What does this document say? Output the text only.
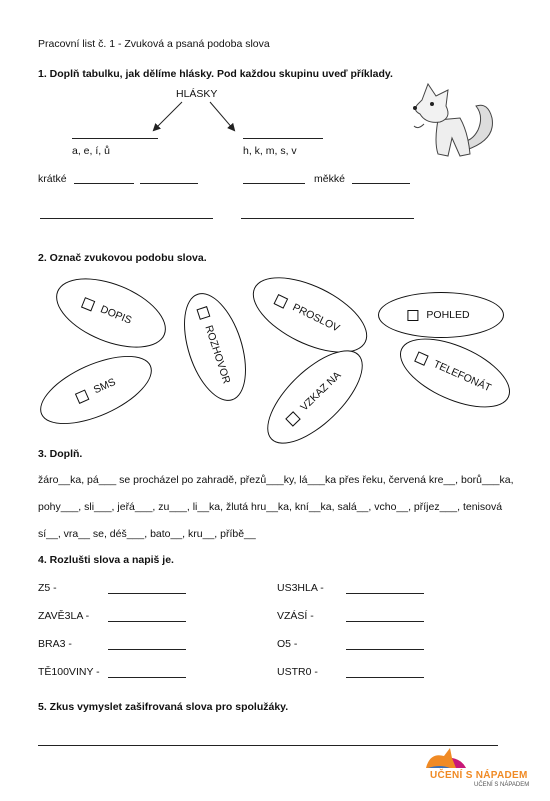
Pracovní list č. 1 - Zvuková a psaná podoba slova
1. Doplň tabulku, jak dělíme hlásky. Pod každou skupinu uveď příklady.
HLÁSKY
a, e, í, ů	h, k, m, s, v
krátké	měkké
2. Označ zvukovou podobu slova.
DOPIS
ROZHOVOR
PROSLOV	POHLED
SMS	VZKAZ NA	TELEFONÁT
3. Doplň.
žáro__ka, pá___ se procházel po zahradě, přezů___ky, lá___ka přes řeku, červená kre__, borů___ka,
pohy___, sli___, jeřá___, zu___, li__ka, žlutá hru__ka, kní__ka, salá__, vcho__, příjez___, tenisová
sí__, vra__ se, déš___, bato__, kru__, příbě__
4. Rozlušti slova a napiš je.
Z5 -	US3HLA -
ZAVĚ3LA -	VZÁSÍ -
BRA3 -	O5 -
TĚ100VINY -	USTR0 -
5. Zkus vymyslet zašifrovaná slova pro spolužáky.
UČENÍ S NÁPADEM
UČENÍ S NÁPADEM
